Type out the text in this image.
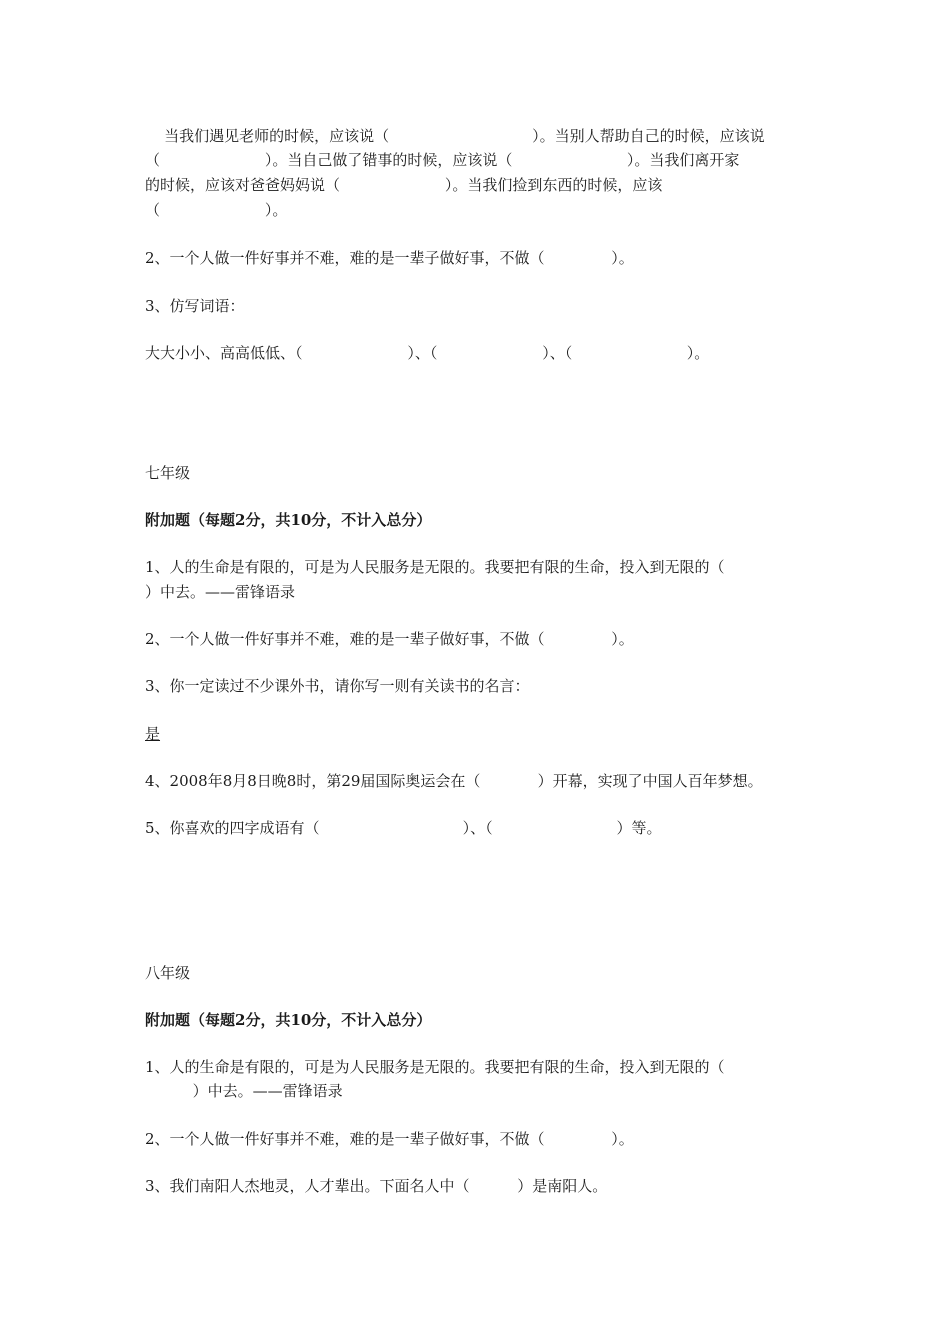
当我们遇见老师的时候，应该说（                              ）。当别人帮助自己的时候，应该说
（                      ）。当自己做了错事的时候，应该说（                        ）。当我们离开家
的时候，应该对爸爸妈妈说（                      ）。当我们捡到东西的时候，应该
（                      ）。
2、一个人做一件好事并不难，难的是一辈子做好事，不做（              ）。
3、仿写词语：
大大小小、高高低低、（                      ）、（                      ）、（                        ）。
七年级
附加题（每题2分，共10分，不计入总分）
1、人的生命是有限的，可是为人民服务是无限的。我要把有限的生命，投入到无限的（
）中去。——雷锋语录
2、一个人做一件好事并不难，难的是一辈子做好事，不做（              ）。
3、你一定读过不少课外书，请你写一则有关读书的名言：
是
4、2008年8月8日晚8时，第29届国际奥运会在（            ）开幕，实现了中国人百年梦想。
5、你喜欢的四字成语有（                              ）、（                          ）等。
八年级
附加题（每题2分，共10分，不计入总分）
1、人的生命是有限的，可是为人民服务是无限的。我要把有限的生命，投入到无限的（
）中去。——雷锋语录
2、一个人做一件好事并不难，难的是一辈子做好事，不做（              ）。
3、我们南阳人杰地灵，人才辈出。下面名人中（          ）是南阳人。
